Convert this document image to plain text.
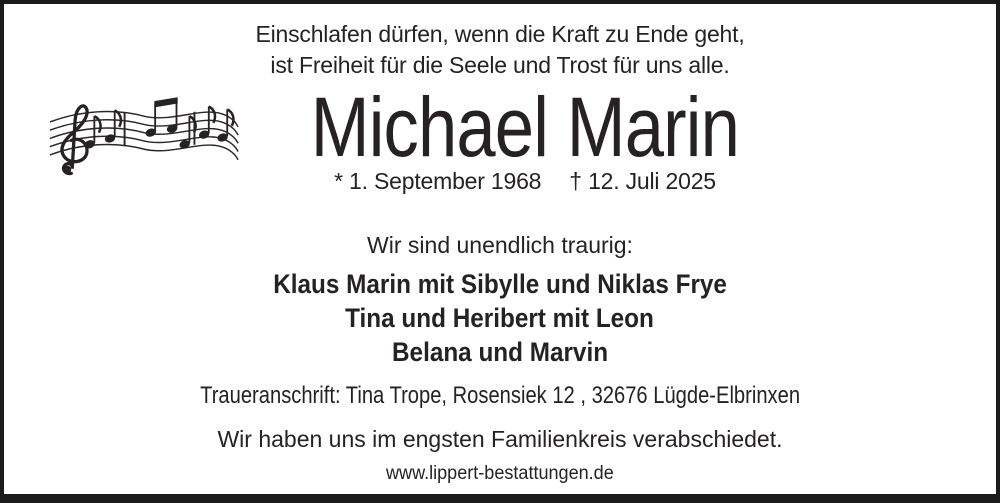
Einschlafen dürfen, wenn die Kraft zu Ende geht,
ist Freiheit für die Seele und Trost für uns alle.
Michael Marin
* 1. September 1968 † 12. Juli 2025
Wir sind unendlich traurig:
Klaus Marin mit Sibylle und Niklas Frye
Tina und Heribert mit Leon
Belana und Marvin
Traueranschrift: Tina Trope, Rosensiek 12 , 32676 Lügde-Elbrinxen
Wir haben uns im engsten Familienkreis verabschiedet.
www.lippert-bestattungen.de
